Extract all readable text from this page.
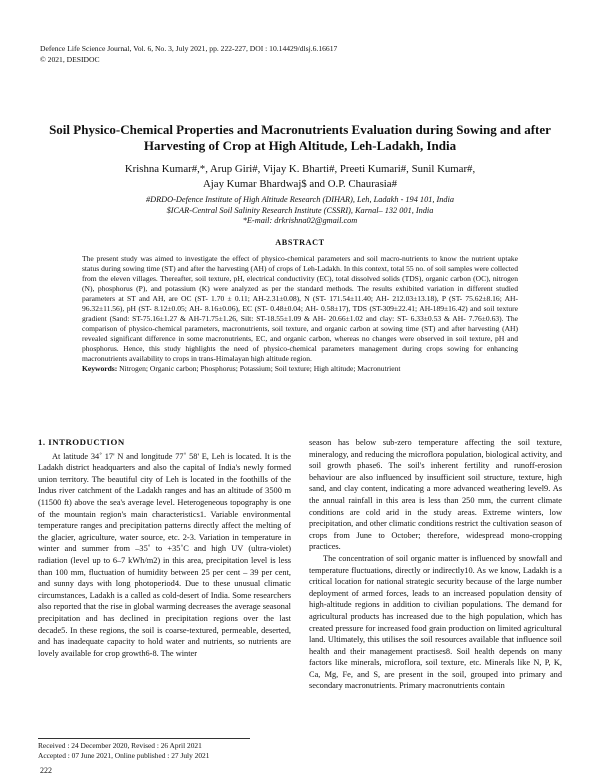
Defence Life Science Journal, Vol. 6, No. 3, July 2021, pp. 222-227, DOI : 10.14429/dlsj.6.16617
© 2021, DESIDOC
Soil Physico-Chemical Properties and Macronutrients Evaluation during Sowing and after Harvesting of Crop at High Altitude, Leh-Ladakh, India
Krishna Kumar#,*, Arup Giri#, Vijay K. Bharti#, Preeti Kumari#, Sunil Kumar#,
Ajay Kumar Bhardwaj$ and O.P. Chaurasia#
#DRDO-Defence Institute of High Altitude Research (DIHAR), Leh, Ladakh - 194 101, India
$ICAR-Central Soil Salinity Research Institute (CSSRI), Karnal– 132 001, India
*E-mail: drkrishna02@gmail.com
ABSTRACT
The present study was aimed to investigate the effect of physico-chemical parameters and soil macro-nutrients to know the nutrient uptake status during sowing time (ST) and after the harvesting (AH) of crops of Leh-Ladakh. In this context, total 55 no. of soil samples were collected from the eleven villages. Thereafter, soil texture, pH, electrical conductivity (EC), total dissolved solids (TDS), organic carbon (OC), nitrogen (N), phosphorus (P), and potassium (K) were analyzed as per the standard methods. The results exhibited variation in different studied parameters at ST and AH, are OC (ST- 1.70 ± 0.11; AH-2.31±0.08), N (ST- 171.54±11.40; AH- 212.03±13.18), P (ST- 75.62±8.16; AH- 96.32±11.56), pH (ST- 8.12±0.05; AH- 8.16±0.06), EC (ST- 0.48±0.04; AH- 0.58±17), TDS (ST-309±22.41; AH-189±16.42) and soil texture gradient (Sand: ST-75.16±1.27 & AH-71.75±1.26, Silt: ST-18.55±1.09 & AH- 20.66±1.02 and clay: ST- 6.33±0.53 & AH- 7.76±0.63). The comparison of physico-chemical parameters, macronutrients, soil texture, and organic carbon at sowing time (ST) and after harvesting (AH) revealed significant difference in some macronutrients, EC, and organic carbon, whereas no changes were observed in soil texture, pH and phosphorus. Hence, this study highlights the need of physico-chemical parameters management during crops sowing for enhancing macronutrients availability to crops in trans-Himalayan high altitude region.
Keywords: Nitrogen; Organic carbon; Phosphorus; Potassium; Soil texture; High altitude; Macronutrient
1. INTRODUCTION

At latitude 34˚ 17' N and longitude 77˚ 58' E, Leh is located. It is the Ladakh district headquarters and also the capital of India's newly formed union territory. The beautiful city of Leh is located in the foothills of the Indus river catchment of the Ladakh ranges and has an altitude of 3500 m (11500 ft) above the sea's average level. Heterogeneous topography is one of the mountain region's main characteristics1. Variable environmental temperature ranges and precipitation patterns directly affect the melting of the glacier, agriculture, water source, etc. 2-3. Variation in temperature in winter and summer from –35˚ to +35˚C and high UV (ultra-violet) radiation (level up to 6–7 kWh/m2) in this area, precipitation level is less than 100 mm, fluctuation of humidity between 25 per cent – 39 per cent, and sunny days with long photoperiod4. Due to these unusual climatic circumstances, Ladakh is a called as cold-desert of India. Some researchers also reported that the rise in global warming decreases the average seasonal precipitation and has declined in precipitation regions over the last decade5. In these regions, the soil is coarse-textured, permeable, deserted, and has inadequate capacity to hold water and nutrients, so nutrients are lovely available for crop growth6-8. The winter

season has below sub-zero temperature affecting the soil texture, mineralogy, and reducing the microflora population, biological activity, and soil growth phase6. The soil's inherent fertility and runoff-erosion behaviour are also influenced by insufficient soil structure, texture, high sand, and clay content, indicating a more advanced weathering level9. As the annual rainfall in this area is less than 250 mm, the current climate conditions are cold arid in the study areas. Extreme winters, low precipitation, and other climatic conditions restrict the cultivation season of crops from June to October; therefore, widespread mono-cropping practices.

The concentration of soil organic matter is influenced by snowfall and temperature fluctuations, directly or indirectly10. As we know, Ladakh is a critical location for national strategic security because of the large number deployment of armed forces, leads to an increased population density of high-altitude regions in addition to civilian populations. The demand for agricultural products has increased due to the high population, which has created pressure for increased food grain production on limited agricultural land. Ultimately, this utilises the soil resources available that influence soil health and their management practises8. Soil health depends on many factors like minerals, microflora, soil texture, etc. Minerals like N, P, K, Ca, Mg, Fe, and S, are present in the soil, grouped into primary and secondary macronutrients. Primary macronutrients contain

Received : 24 December 2020, Revised : 26 April 2021
Accepted : 07 June 2021, Online published : 27 July 2021
222
